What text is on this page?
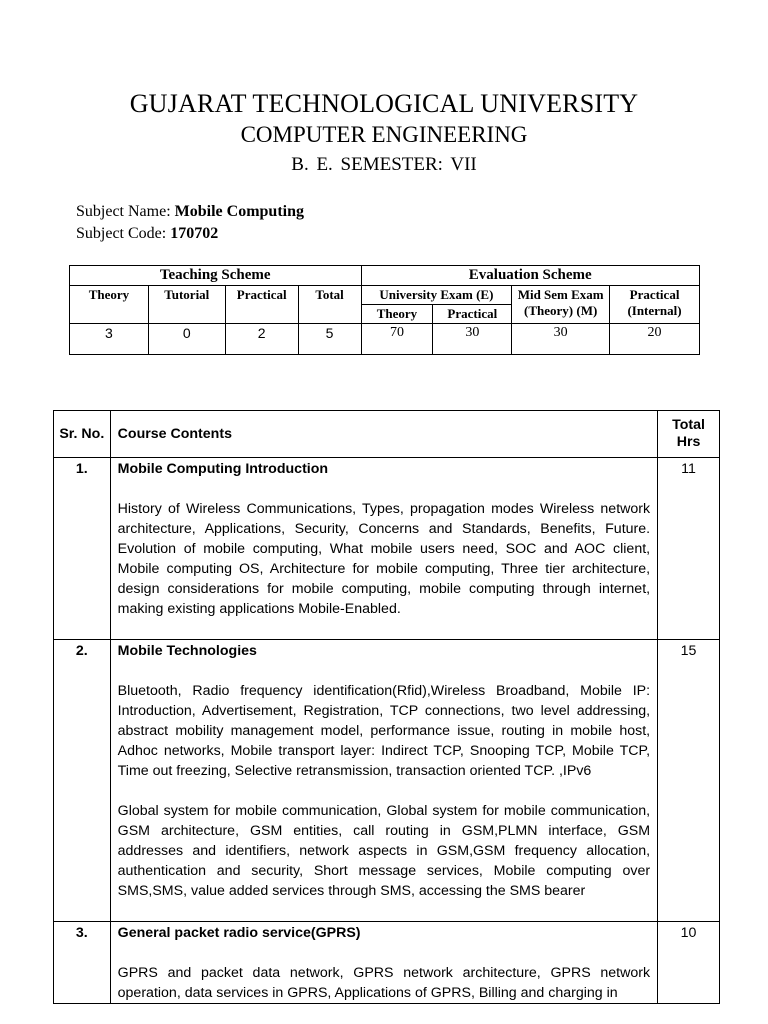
GUJARAT TECHNOLOGICAL UNIVERSITY
COMPUTER ENGINEERING
B. E. SEMESTER: VII
Subject Name: Mobile Computing
Subject Code: 170702
Teaching Scheme				Evaluation Scheme			
Theory	Tutorial	Practical	Total	University Exam (E)		Mid Sem Exam (Theory) (M)	Practical (Internal)
				Theory	Practical		
3	0	2	5	70	30	30	20
Sr. No.	Course Contents	Total Hrs
1.	Mobile Computing Introduction

History of Wireless Communications, Types, propagation modes Wireless network architecture, Applications, Security, Concerns and Standards, Benefits, Future. Evolution of mobile computing, What mobile users need, SOC and AOC client, Mobile computing OS, Architecture for mobile computing, Three tier architecture, design considerations for mobile computing, mobile computing through internet, making existing applications Mobile-Enabled.	11
2.	Mobile Technologies

Bluetooth, Radio frequency identification(Rfid),Wireless Broadband, Mobile IP: Introduction, Advertisement, Registration, TCP connections, two level addressing, abstract mobility management model, performance issue, routing in mobile host, Adhoc networks, Mobile transport layer: Indirect TCP, Snooping TCP, Mobile TCP, Time out freezing, Selective retransmission, transaction oriented TCP. ,IPv6

Global system for mobile communication, Global system for mobile communication, GSM architecture, GSM entities, call routing in GSM,PLMN interface, GSM addresses and identifiers, network aspects in GSM,GSM frequency allocation, authentication and security, Short message services, Mobile computing over SMS,SMS, value added services through SMS, accessing the SMS bearer	15
3.	General packet radio service(GPRS)

GPRS and packet data network, GPRS network architecture, GPRS network operation, data services in GPRS, Applications of GPRS, Billing and charging in	10
